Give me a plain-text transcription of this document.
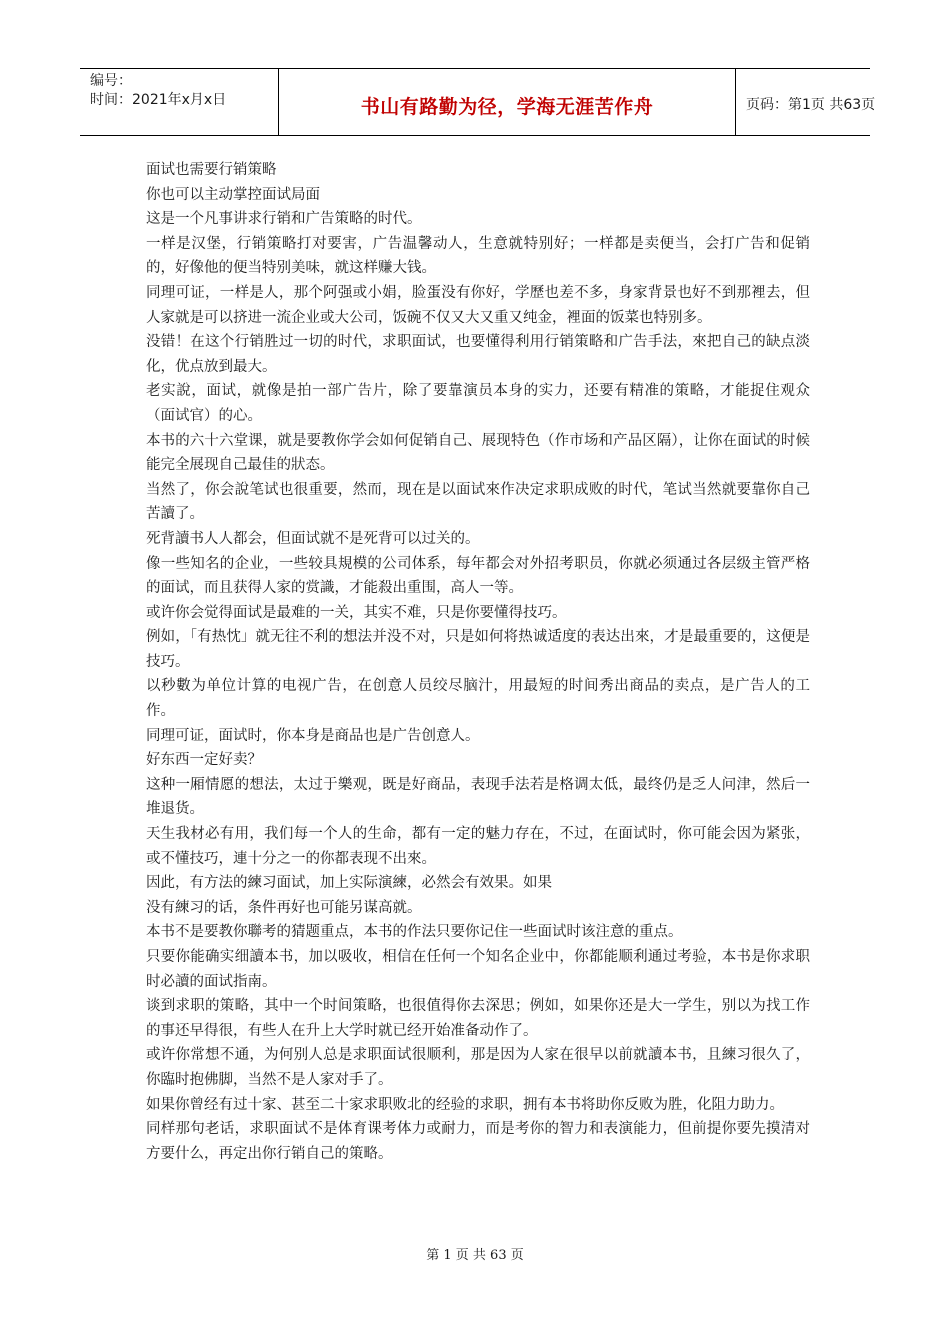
编号：
时间：2021年x月x日	书山有路勤为径，学海无涯苦作舟	页码：第1页 共63页

面试也需要行销策略

你也可以主动掌控面试局面

这是一个凡事讲求行销和广告策略的时代。

一样是汉堡，行销策略打对要害，广告温馨动人，生意就特别好；一样都是卖便当，会打广告和促销的，好像他的便当特别美味，就这样赚大钱。

同理可证，一样是人，那个阿强或小娟，脸蛋没有你好，学歷也差不多，身家背景也好不到那裡去，但人家就是可以挤进一流企业或大公司，饭碗不仅又大又重又纯金，裡面的饭菜也特别多。

没错！在这个行销胜过一切的时代，求职面试，也要懂得利用行销策略和广告手法，來把自己的缺点淡化，优点放到最大。

老实說，面试，就像是拍一部广告片，除了要靠演员本身的实力，还要有精准的策略，才能捉住观众（面试官）的心。

本书的六十六堂课，就是要教你学会如何促销自己、展现特色（作市场和产品区隔），让你在面试的时候能完全展现自己最佳的狀态。

当然了，你会說笔试也很重要，然而，现在是以面试來作决定求职成败的时代，笔试当然就要靠你自己苦讀了。

死背讀书人人都会，但面试就不是死背可以过关的。

像一些知名的企业，一些较具規模的公司体系，每年都会对外招考职员，你就必须通过各层级主管严格的面试，而且获得人家的赏識，才能殺出重围，高人一等。

或许你会觉得面试是最难的一关，其实不难，只是你要懂得技巧。

例如，「有热忱」就无往不利的想法并没不对，只是如何将热诚适度的表达出來，才是最重要的，这便是技巧。

以秒數为单位计算的电视广告，在创意人员绞尽脑汁，用最短的时间秀出商品的卖点，是广告人的工作。

同理可证，面试时，你本身是商品也是广告创意人。

好东西一定好卖？

这种一厢情愿的想法，太过于樂观，既是好商品，表现手法若是格调太低，最终仍是乏人问津，然后一堆退货。

天生我材必有用，我们每一个人的生命，都有一定的魅力存在，不过，在面试时，你可能会因为紧张，或不懂技巧，連十分之一的你都表现不出來。

因此，有方法的練习面试，加上实际演練，必然会有效果。如果

没有練习的话，条件再好也可能另谋高就。

本书不是要教你聯考的猜题重点，本书的作法只要你记住一些面试时该注意的重点。

只要你能确实细讀本书，加以吸收，相信在任何一个知名企业中，你都能顺利通过考验，本书是你求职时必讀的面试指南。

谈到求职的策略，其中一个时间策略，也很值得你去深思；例如，如果你还是大一学生，别以为找工作的事还早得很，有些人在升上大学时就已经开始准备动作了。

或许你常想不通，为何别人总是求职面试很顺利，那是因为人家在很早以前就讀本书，且練习很久了，你臨时抱佛脚，当然不是人家对手了。

如果你曾经有过十家、甚至二十家求职败北的经验的求职，拥有本书将助你反败为胜，化阻力助力。

同样那句老话，求职面试不是体育课考体力或耐力，而是考你的智力和表演能力，但前提你要先摸清对方要什么，再定出你行销自己的策略。

第 1 页 共 63 页
